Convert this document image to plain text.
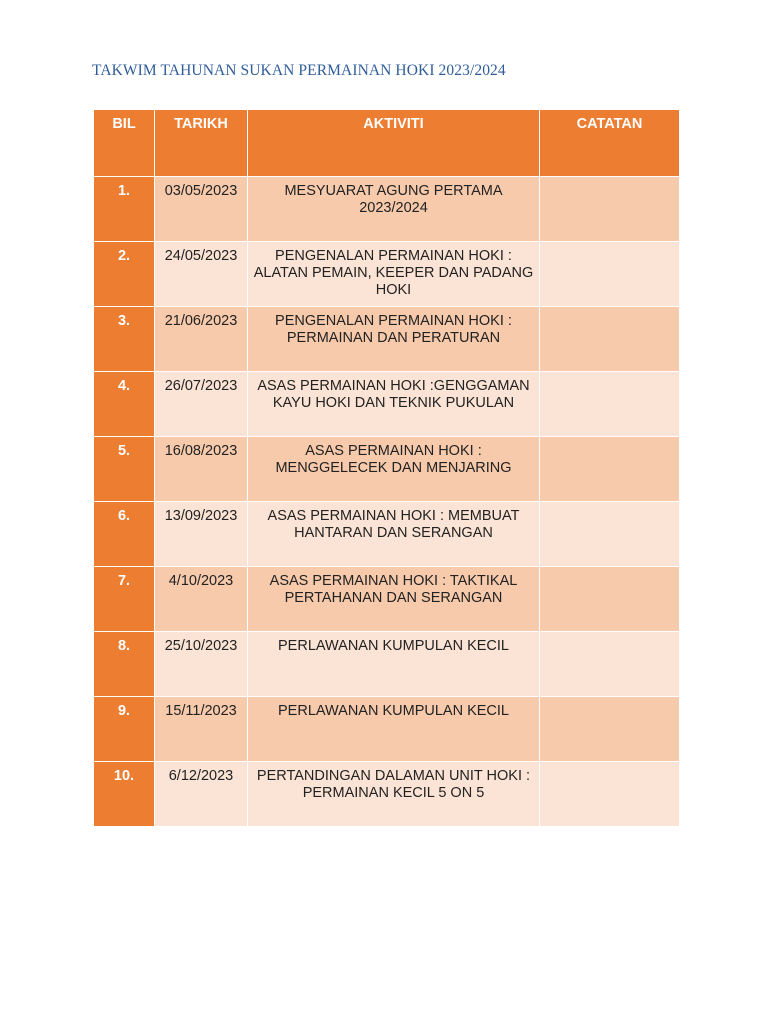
TAKWIM TAHUNAN SUKAN PERMAINAN HOKI 2023/2024
BIL	TARIKH	AKTIVITI	CATATAN
1.	03/05/2023	MESYUARAT AGUNG PERTAMA 2023/2024	
2.	24/05/2023	PENGENALAN PERMAINAN HOKI : ALATAN PEMAIN, KEEPER DAN PADANG HOKI	
3.	21/06/2023	PENGENALAN PERMAINAN HOKI : PERMAINAN DAN PERATURAN	
4.	26/07/2023	ASAS PERMAINAN HOKI :GENGGAMAN KAYU HOKI DAN TEKNIK PUKULAN	
5.	16/08/2023	ASAS PERMAINAN HOKI : MENGGELECEK DAN MENJARING	
6.	13/09/2023	ASAS PERMAINAN HOKI : MEMBUAT HANTARAN DAN SERANGAN	
7.	4/10/2023	ASAS PERMAINAN HOKI : TAKTIKAL PERTAHANAN DAN SERANGAN	
8.	25/10/2023	PERLAWANAN KUMPULAN KECIL	
9.	15/11/2023	PERLAWANAN KUMPULAN KECIL	
10.	6/12/2023	PERTANDINGAN DALAMAN UNIT HOKI : PERMAINAN KECIL 5 ON 5	
